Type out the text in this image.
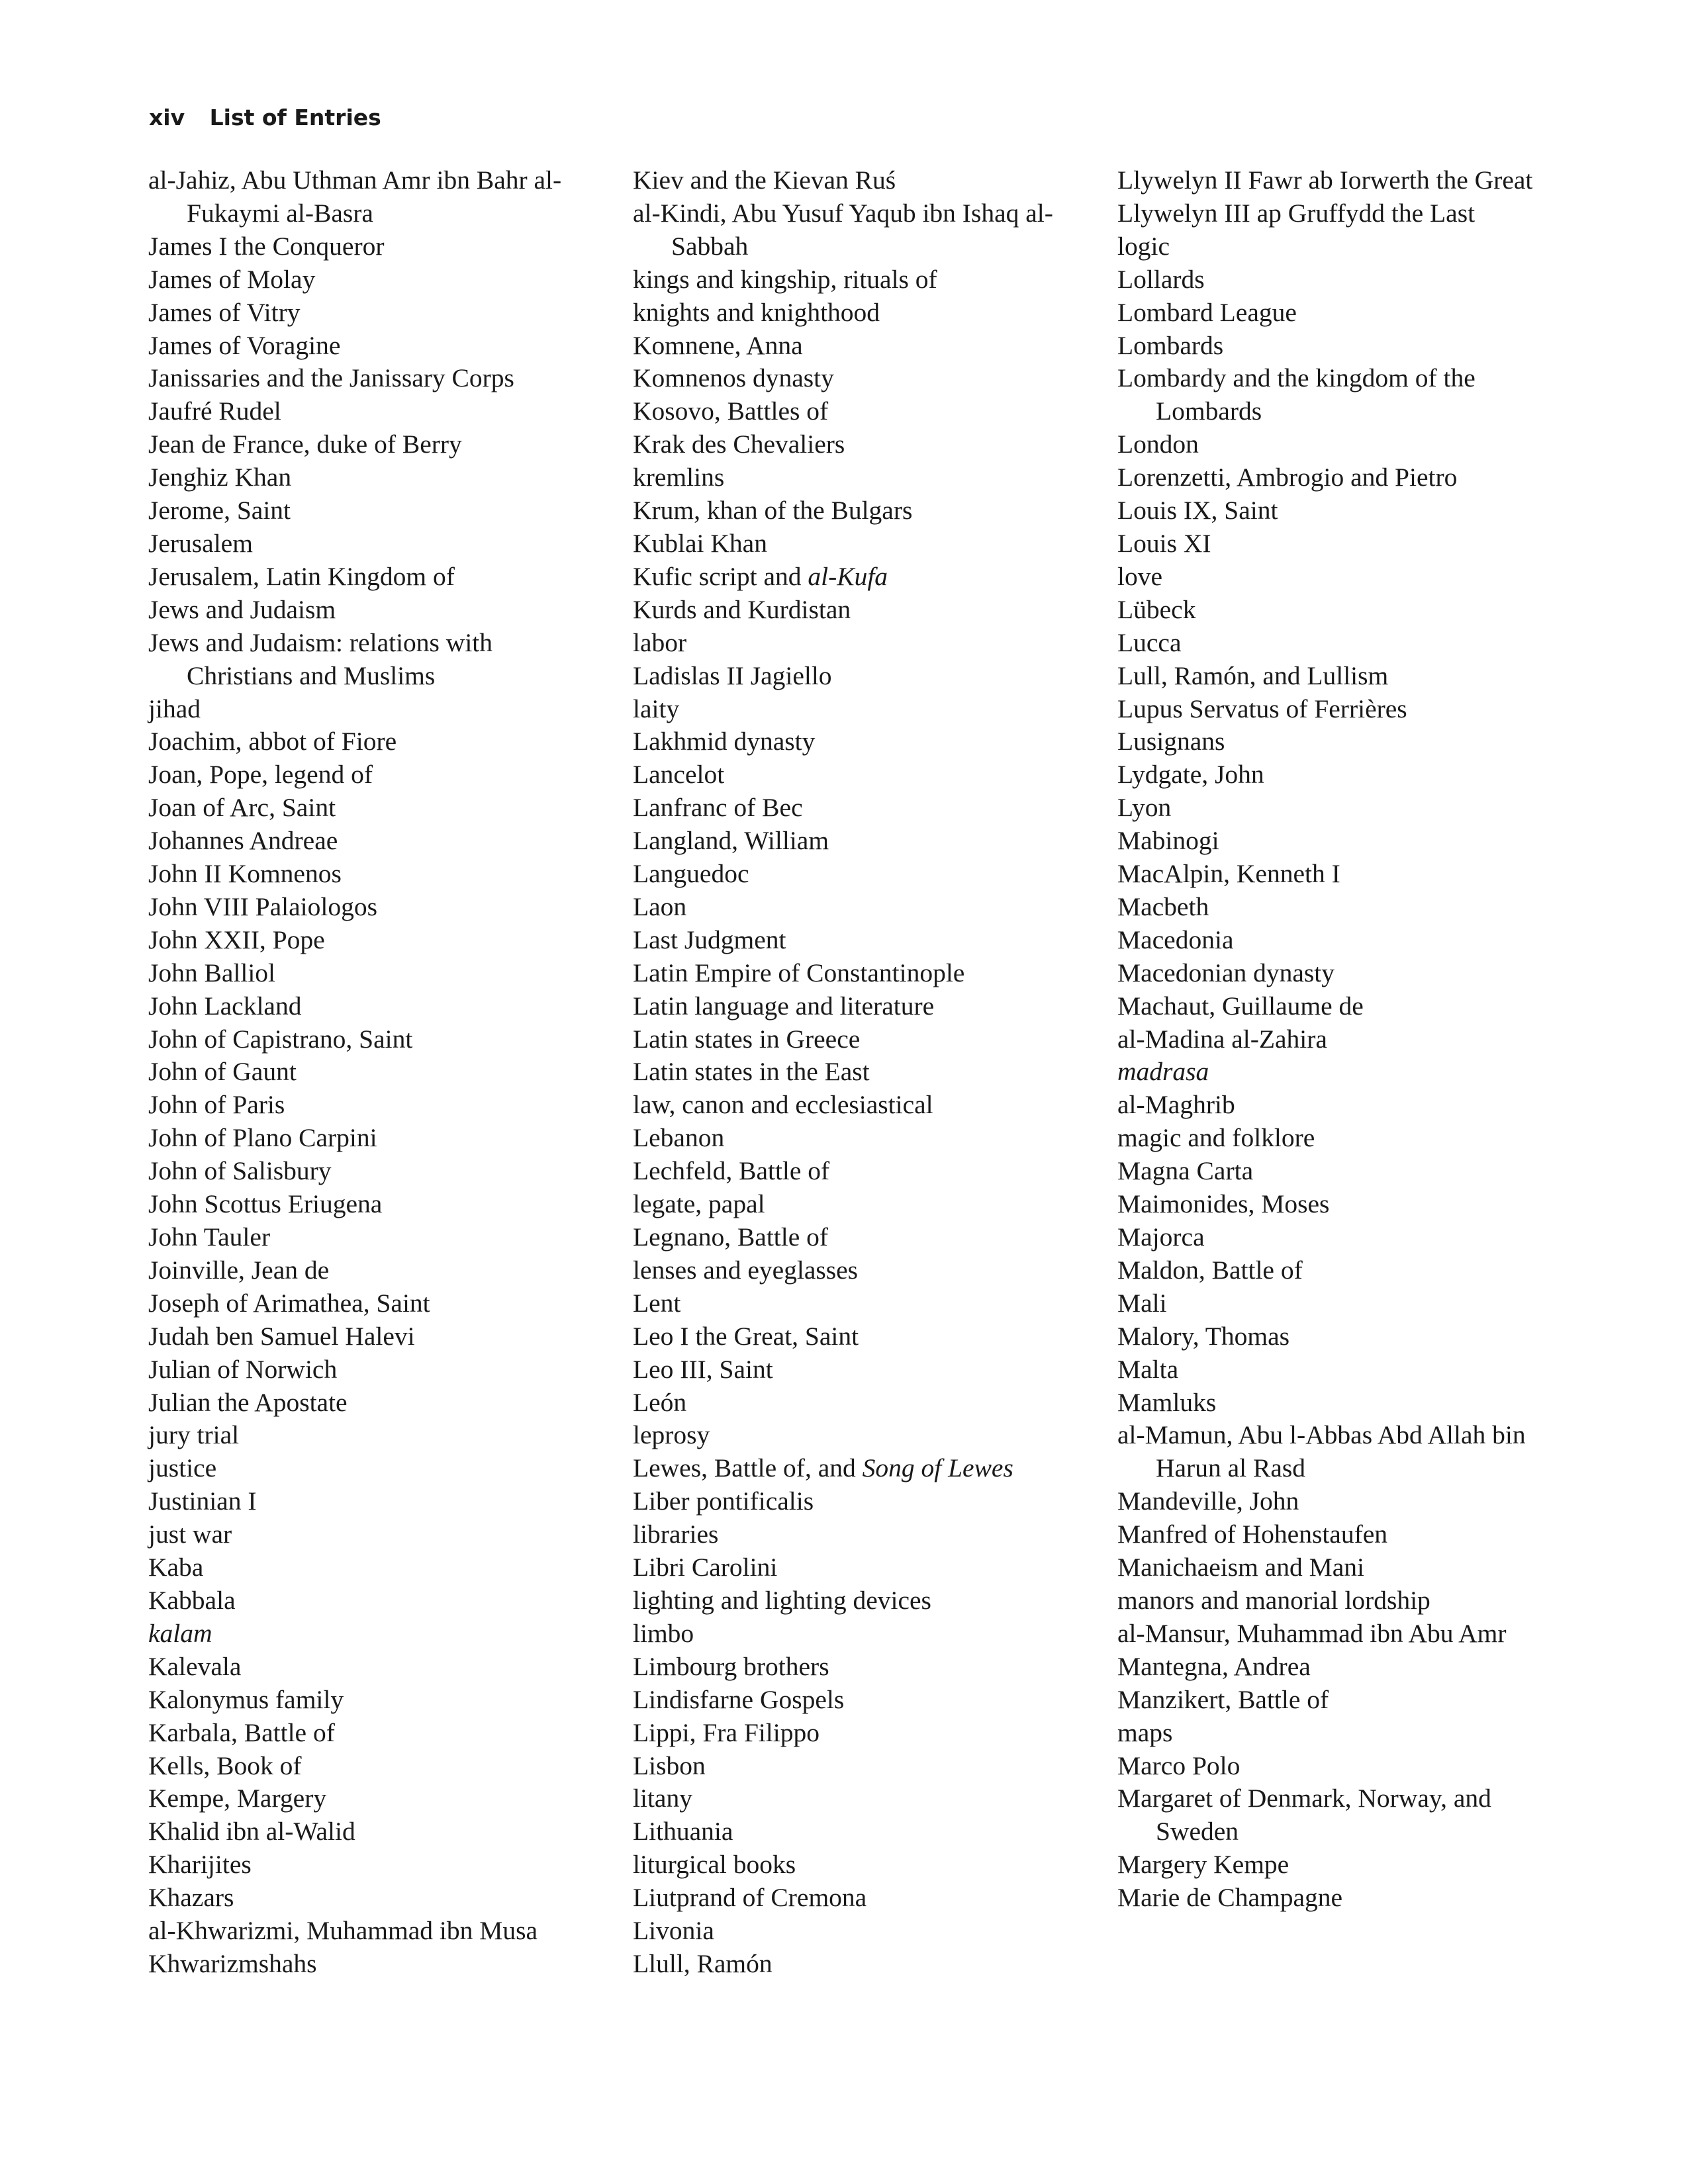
xiv List of Entries
al-Jahiz, Abu Uthman Amr ibn Bahr al-Fukaymi al-Basra
James I the Conqueror
James of Molay
James of Vitry
James of Voragine
Janissaries and the Janissary Corps
Jaufré Rudel
Jean de France, duke of Berry
Jenghiz Khan
Jerome, Saint
Jerusalem
Jerusalem, Latin Kingdom of
Jews and Judaism
Jews and Judaism: relations with Christians and Muslims
jihad
Joachim, abbot of Fiore
Joan, Pope, legend of
Joan of Arc, Saint
Johannes Andreae
John II Komnenos
John VIII Palaiologos
John XXII, Pope
John Balliol
John Lackland
John of Capistrano, Saint
John of Gaunt
John of Paris
John of Plano Carpini
John of Salisbury
John Scottus Eriugena
John Tauler
Joinville, Jean de
Joseph of Arimathea, Saint
Judah ben Samuel Halevi
Julian of Norwich
Julian the Apostate
jury trial
justice
Justinian I
just war
Kaba
Kabbala
kalam
Kalevala
Kalonymus family
Karbala, Battle of
Kells, Book of
Kempe, Margery
Khalid ibn al-Walid
Kharijites
Khazars
al-Khwarizmi, Muhammad ibn Musa
Khwarizmshahs
Kiev and the Kievan Ruś
al-Kindi, Abu Yusuf Yaqub ibn Ishaq al-Sabbah
kings and kingship, rituals of
knights and knighthood
Komnene, Anna
Komnenos dynasty
Kosovo, Battles of
Krak des Chevaliers
kremlins
Krum, khan of the Bulgars
Kublai Khan
Kufic script and al-Kufa
Kurds and Kurdistan
labor
Ladislas II Jagiello
laity
Lakhmid dynasty
Lancelot
Lanfranc of Bec
Langland, William
Languedoc
Laon
Last Judgment
Latin Empire of Constantinople
Latin language and literature
Latin states in Greece
Latin states in the East
law, canon and ecclesiastical
Lebanon
Lechfeld, Battle of
legate, papal
Legnano, Battle of
lenses and eyeglasses
Lent
Leo I the Great, Saint
Leo III, Saint
León
leprosy
Lewes, Battle of, and Song of Lewes
Liber pontificalis
libraries
Libri Carolini
lighting and lighting devices
limbo
Limbourg brothers
Lindisfarne Gospels
Lippi, Fra Filippo
Lisbon
litany
Lithuania
liturgical books
Liutprand of Cremona
Livonia
Llull, Ramón
Llywelyn II Fawr ab Iorwerth the Great
Llywelyn III ap Gruffydd the Last
logic
Lollards
Lombard League
Lombards
Lombardy and the kingdom of the Lombards
London
Lorenzetti, Ambrogio and Pietro
Louis IX, Saint
Louis XI
love
Lübeck
Lucca
Lull, Ramón, and Lullism
Lupus Servatus of Ferrières
Lusignans
Lydgate, John
Lyon
Mabinogi
MacAlpin, Kenneth I
Macbeth
Macedonia
Macedonian dynasty
Machaut, Guillaume de
al-Madina al-Zahira
madrasa
al-Maghrib
magic and folklore
Magna Carta
Maimonides, Moses
Majorca
Maldon, Battle of
Mali
Malory, Thomas
Malta
Mamluks
al-Mamun, Abu l-Abbas Abd Allah bin Harun al Rasd
Mandeville, John
Manfred of Hohenstaufen
Manichaeism and Mani
manors and manorial lordship
al-Mansur, Muhammad ibn Abu Amr
Mantegna, Andrea
Manzikert, Battle of
maps
Marco Polo
Margaret of Denmark, Norway, and Sweden
Margery Kempe
Marie de Champagne
